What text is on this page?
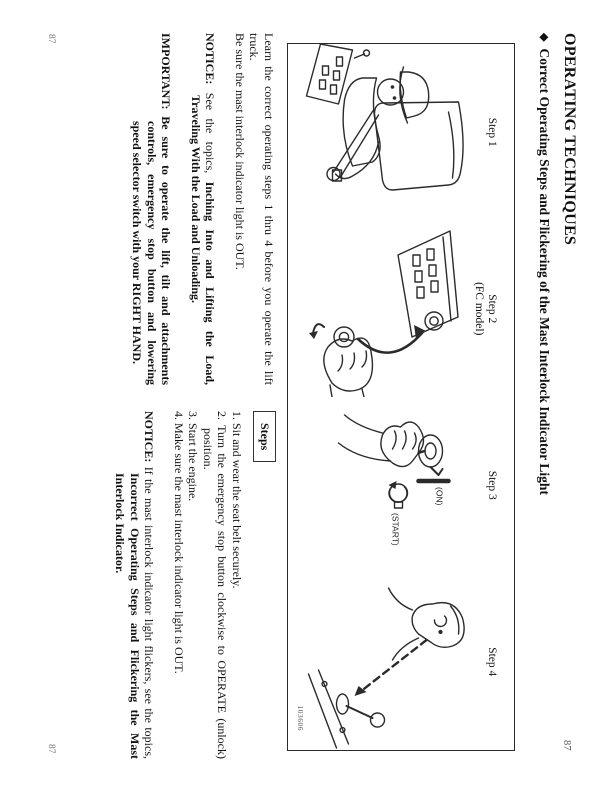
OPERATING TECHNIQUES
87
◆Correct Operating Steps and Flickering of the Mast Interlock Indicator Light
Step 1
Step 2
(FC model)
Step 3
(ON)
(START)
Step 4
103606

Learn the correct operating steps 1 thru 4 before you operate the lift truck.

Be sure the mast interlock indicator light is OUT.

NOTICE: See the topics, Inching Into and Lifting the Load, Traveling With the Load and Unloading.

IMPORTANT: Be sure to operate the lift, tilt and attachments controls, emergency stop button and lowering speed selector switch with your RIGHT HAND.

Steps

1. Sit and wear the seat belt securely.

2. Turn the emergency stop button clockwise to OPERATE (unlock) position.

3. Start the engine.

4. Make sure the mast interlock indicator light is OUT.

NOTICE: If the mast interlock indicator light flickers, see the topics, Incorrect Operating Steps and Flickering the Mast Interlock Indicator.

87
87
